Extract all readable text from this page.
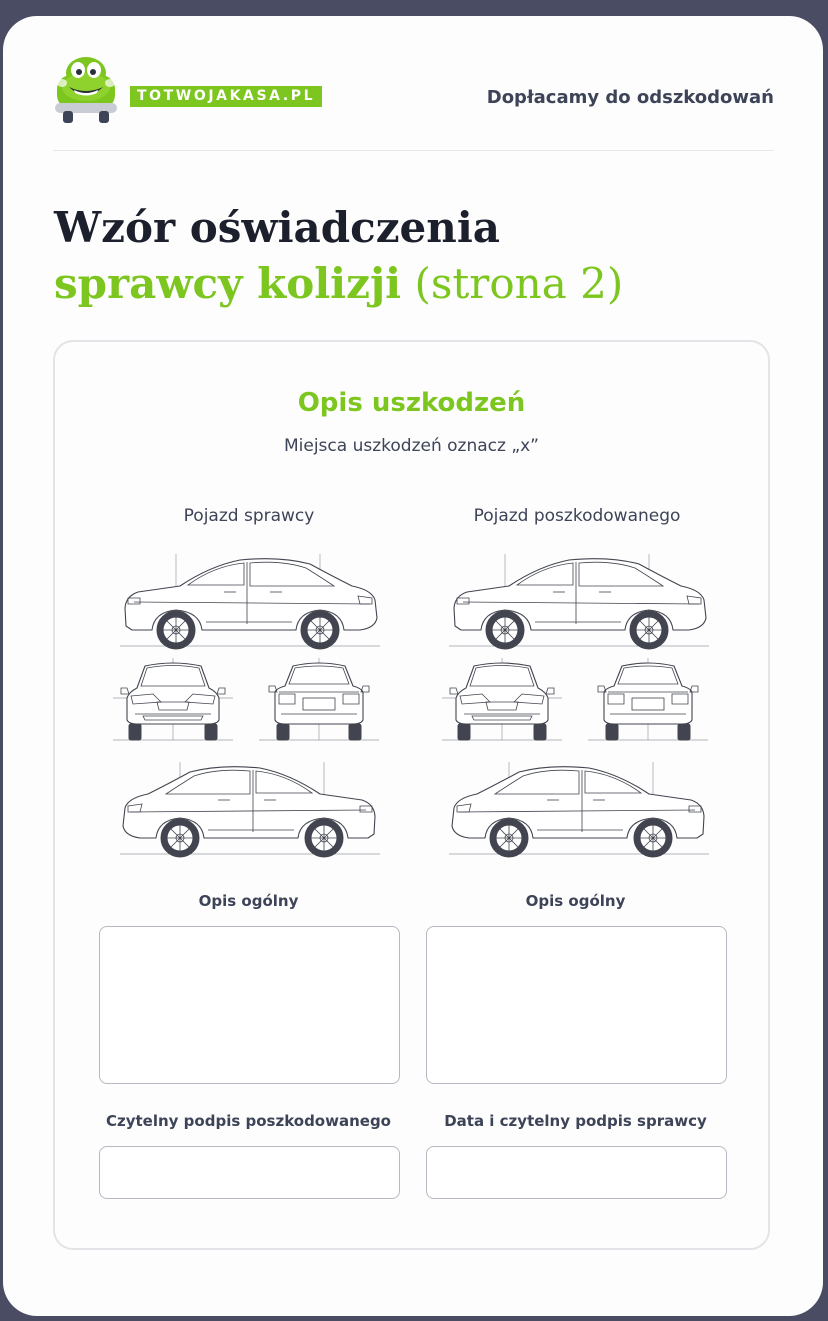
TOTWOJAKASA.PL	Dopłacamy do odszkodowań
Wzór oświadczenia
sprawcy kolizji (strona 2)
Opis uszkodzeń
Miejsca uszkodzeń oznacz „x”
Pojazd sprawcy	Pojazd poszkodowanego
Opis ogólny	Opis ogólny
Czytelny podpis poszkodowanego	Data i czytelny podpis sprawcy
